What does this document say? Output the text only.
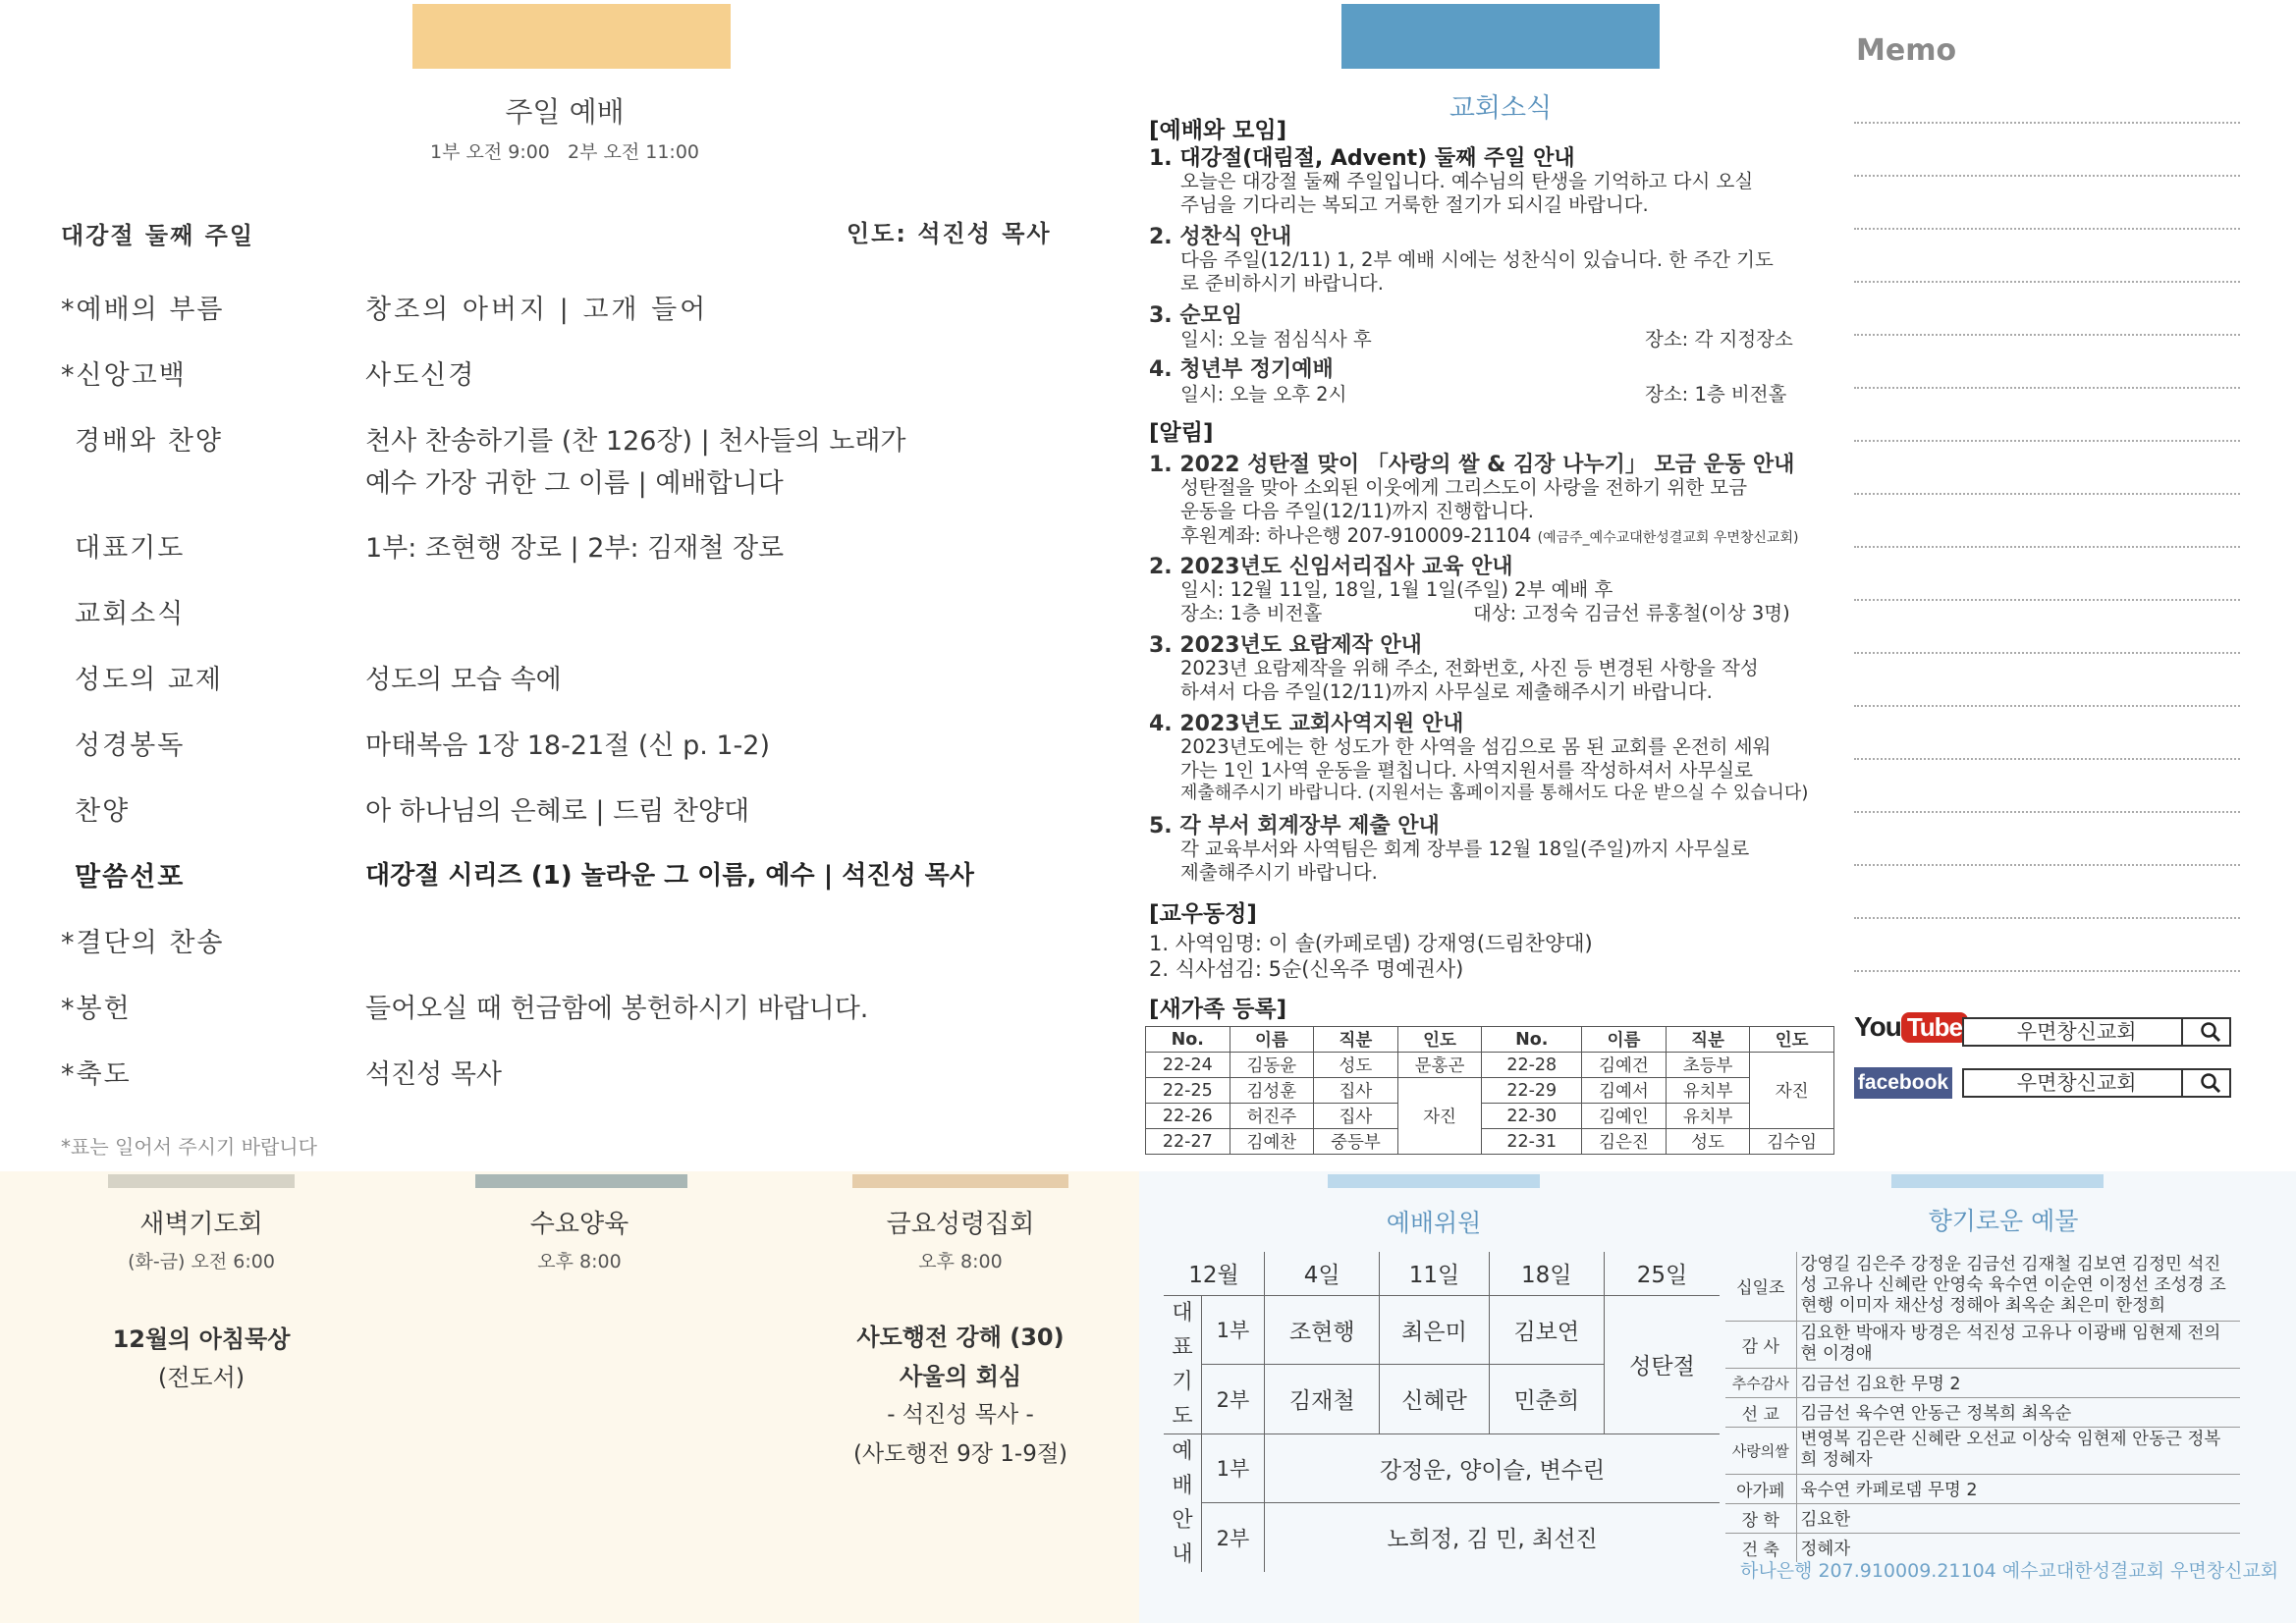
주일 예배
1부 오전 9:00   2부 오전 11:00
대강절 둘째 주일	인도: 석진성 목사
*예배의 부름	창조의 아버지 | 고개 들어
*신앙고백	사도신경
경배와 찬양	천사 찬송하기를 (찬 126장) | 천사들의 노래가
예수 가장 귀한 그 이름 | 예배합니다
대표기도	1부: 조현행 장로 | 2부: 김재철 장로
교회소식
성도의 교제	성도의 모습 속에
성경봉독	마태복음 1장 18-21절 (신 p. 1-2)
찬양	아 하나님의 은혜로 | 드림 찬양대
말씀선포	대강절 시리즈 (1) 놀라운 그 이름, 예수 | 석진성 목사
*결단의 찬송
*봉헌	들어오실 때 헌금함에 봉헌하시기 바랍니다.
*축도	석진성 목사
*표는 일어서 주시기 바랍니다
교회소식
[예배와 모임]
1. 대강절(대림절, Advent) 둘째 주일 안내
오늘은 대강절 둘째 주일입니다. 예수님의 탄생을 기억하고 다시 오실
주님을 기다리는 복되고 거룩한 절기가 되시길 바랍니다.
2. 성찬식 안내
다음 주일(12/11) 1, 2부 예배 시에는 성찬식이 있습니다. 한 주간 기도
로 준비하시기 바랍니다.
3. 순모임
일시: 오늘 점심식사 후	장소: 각 지정장소
4. 청년부 정기예배
일시: 오늘 오후 2시	장소: 1층 비전홀
[알림]
1. 2022 성탄절 맞이 「사랑의 쌀 & 김장 나누기」 모금 운동 안내
성탄절을 맞아 소외된 이웃에게 그리스도이 사랑을 전하기 위한 모금
운동을 다음 주일(12/11)까지 진행합니다.
후원계좌: 하나은행 207-910009-21104 (예금주_예수교대한성결교회 우면창신교회)
2. 2023년도 신임서리집사 교육 안내
일시: 12월 11일, 18일, 1월 1일(주일) 2부 예배 후
장소: 1층 비전홀	대상: 고정숙 김금선 류홍철(이상 3명)
3. 2023년도 요람제작 안내
2023년 요람제작을 위해 주소, 전화번호, 사진 등 변경된 사항을 작성
하셔서 다음 주일(12/11)까지 사무실로 제출해주시기 바랍니다.
4. 2023년도 교회사역지원 안내
2023년도에는 한 성도가 한 사역을 섬김으로 몸 된 교회를 온전히 세워
가는 1인 1사역 운동을 펼칩니다. 사역지원서를 작성하셔서 사무실로
제출해주시기 바랍니다. (지원서는 홈페이지를 통해서도 다운 받으실 수 있습니다)
5. 각 부서 회계장부 제출 안내
각 교육부서와 사역팀은 회계 장부를 12월 18일(주일)까지 사무실로
제출해주시기 바랍니다.
[교우동정]
1. 사역임명: 이 솔(카페로뎀) 강재영(드림찬양대)
2. 식사섬김: 5순(신옥주 명예권사)
[새가족 등록]
No.	이름	직분	인도	No.	이름	직분	인도
22-24	김동윤	성도	문홍곤	22-28	김예건	초등부	자진
22-25	김성훈	집사	자진	22-29	김예서	유치부	
22-26	허진주	집사		22-30	김예인	유치부	
22-27	김예찬	중등부		22-31	김은진	성도	김수임
Memo
You Tube	우면창신교회
facebook	우면창신교회
새벽기도회
(화-금) 오전 6:00
12월의 아침묵상
(전도서)
수요양육
오후 8:00
금요성령집회
오후 8:00
사도행전 강해 (30)
사울의 회심
- 석진성 목사 -
(사도행전 9장 1-9절)
예배위원
12월		4일	11일	18일	25일

대
표
기
도	1부	조현행	최은미	김보연	성탄절
	2부	김재철	신혜란	민춘희	

예
배
안
내	1부	강정운, 양이슬, 변수린			
	2부	노희정, 김 민, 최선진			
향기로운 예물
십일조	강영길 김은주 강정운 김금선 김재철 김보연 김정민 석진성 고유나 신혜란 안영숙 육수연 이순연 이정선 조성경 조현행 이미자 채산성 정해아 최옥순 최은미 한정희
감 사	김요한 박애자 방경은 석진성 고유나 이광배 임현제 전의현 이경애
추수감사	김금선 김요한 무명 2
선 교	김금선 육수연 안동근 정복희 최옥순
사랑의쌀	변영복 김은란 신혜란 오선교 이상숙 임현제 안동근 정복희 정혜자
아가페	육수연 카페로뎀 무명 2
장 학	김요한
건 축	정혜자
하나은행 207.910009.21104 예수교대한성결교회 우면창신교회
